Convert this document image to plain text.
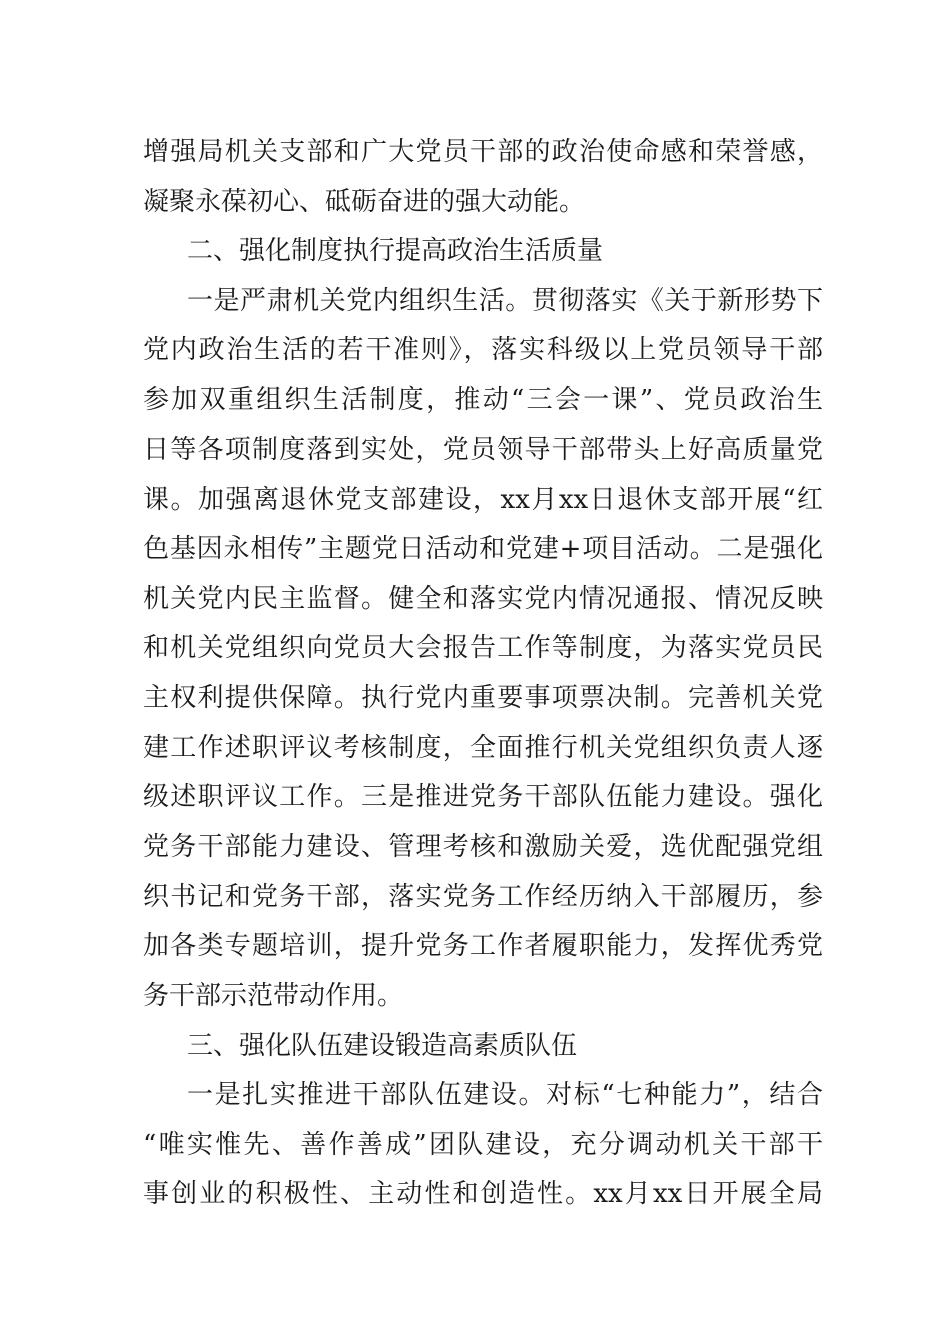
增强局机关支部和广大党员干部的政治使命感和荣誉感，

凝聚永葆初心、砥砺奋进的强大动能。

二、强化制度执行提高政治生活质量

一是严肃机关党内组织生活。贯彻落实《关于新形势下

党内政治生活的若干准则》，落实科级以上党员领导干部

参加双重组织生活制度，推动“三会一课”、党员政治生

日等各项制度落到实处，党员领导干部带头上好高质量党

课。加强离退休党支部建设，xx月xx日退休支部开展“红

色基因永相传”主题党日活动和党建+项目活动。二是强化

机关党内民主监督。健全和落实党内情况通报、情况反映

和机关党组织向党员大会报告工作等制度，为落实党员民

主权利提供保障。执行党内重要事项票决制。完善机关党

建工作述职评议考核制度，全面推行机关党组织负责人逐

级述职评议工作。三是推进党务干部队伍能力建设。强化

党务干部能力建设、管理考核和激励关爱，选优配强党组

织书记和党务干部，落实党务工作经历纳入干部履历，参

加各类专题培训，提升党务工作者履职能力，发挥优秀党

务干部示范带动作用。

三、强化队伍建设锻造高素质队伍

一是扎实推进干部队伍建设。对标“七种能力”，结合

“唯实惟先、善作善成”团队建设，充分调动机关干部干

事创业的积极性、主动性和创造性。xx月xx日开展全局
